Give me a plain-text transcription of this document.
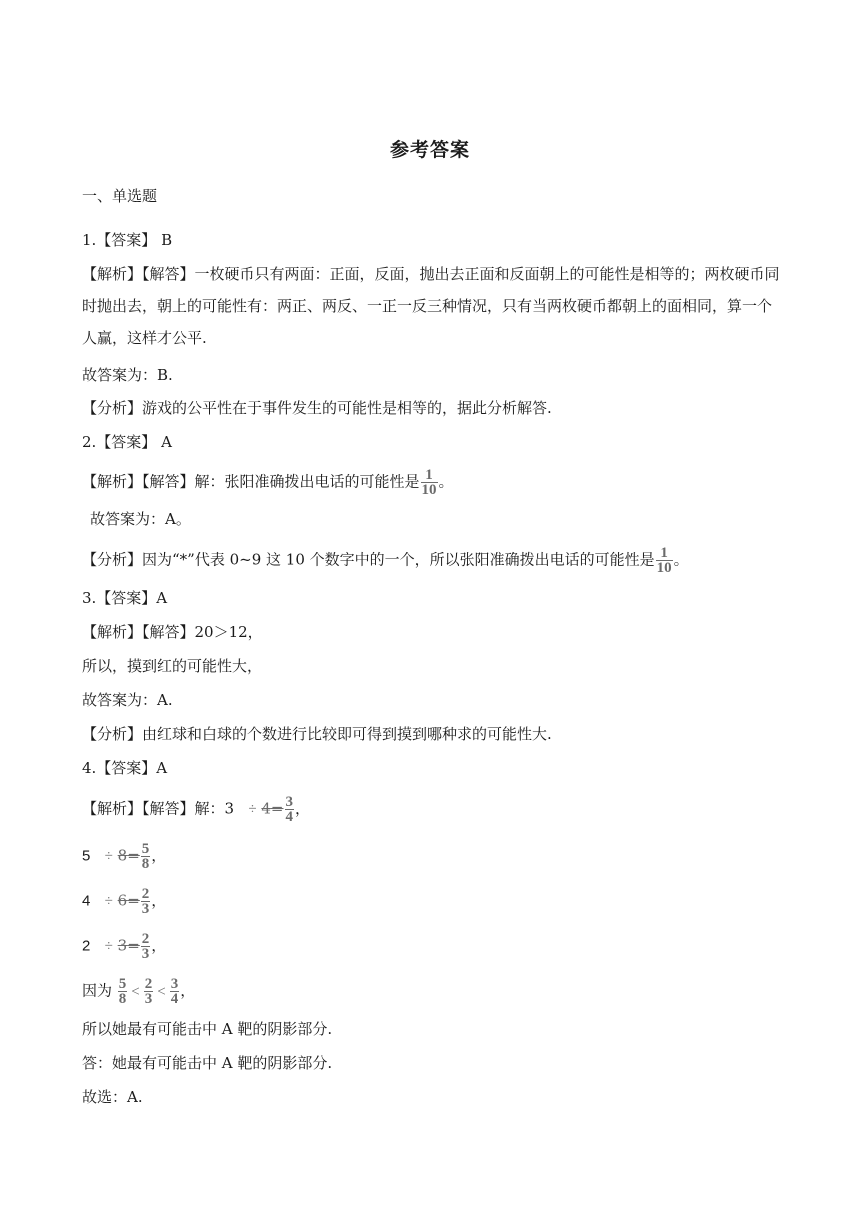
参考答案
一、单选题
1.【答案】 B
【解析】【解答】一枚硬币只有两面：正面，反面，抛出去正面和反面朝上的可能性是相等的；两枚硬币同时抛出去，朝上的可能性有：两正、两反、一正一反三种情况，只有当两枚硬币都朝上的面相同，算一个人赢，这样才公平.
故答案为：B.
【分析】游戏的公平性在于事件发生的可能性是相等的，据此分析解答.
2.【答案】 A
【解析】【解答】解：张阳准确拨出电话的可能性是 $\frac{1}{10}$ 。
故答案为：A。
【分析】因为“*”代表 0~9 这 10 个数字中的一个，所以张阳准确拨出电话的可能性是 $\frac{1}{10}$ 。
3.【答案】A
【解析】【解答】20＞12，
所以，摸到红的可能性大，
故答案为：A.
【分析】由红球和白球的个数进行比较即可得到摸到哪种求的可能性大.
4.【答案】A
【解析】【解答】解：$3 \div 4= \frac{3}{4}$ ，
$5 \div 8= \frac{5}{8}$ ，
$4 \div 6= \frac{2}{3}$ ，
$2 \div 3= \frac{2}{3}$ ，
因为 $\frac{5}{8} < \frac{2}{3} < \frac{3}{4}$ ，
所以她最有可能击中 A 靶的阴影部分.
答：她最有可能击中 A 靶的阴影部分.
故选：A.
